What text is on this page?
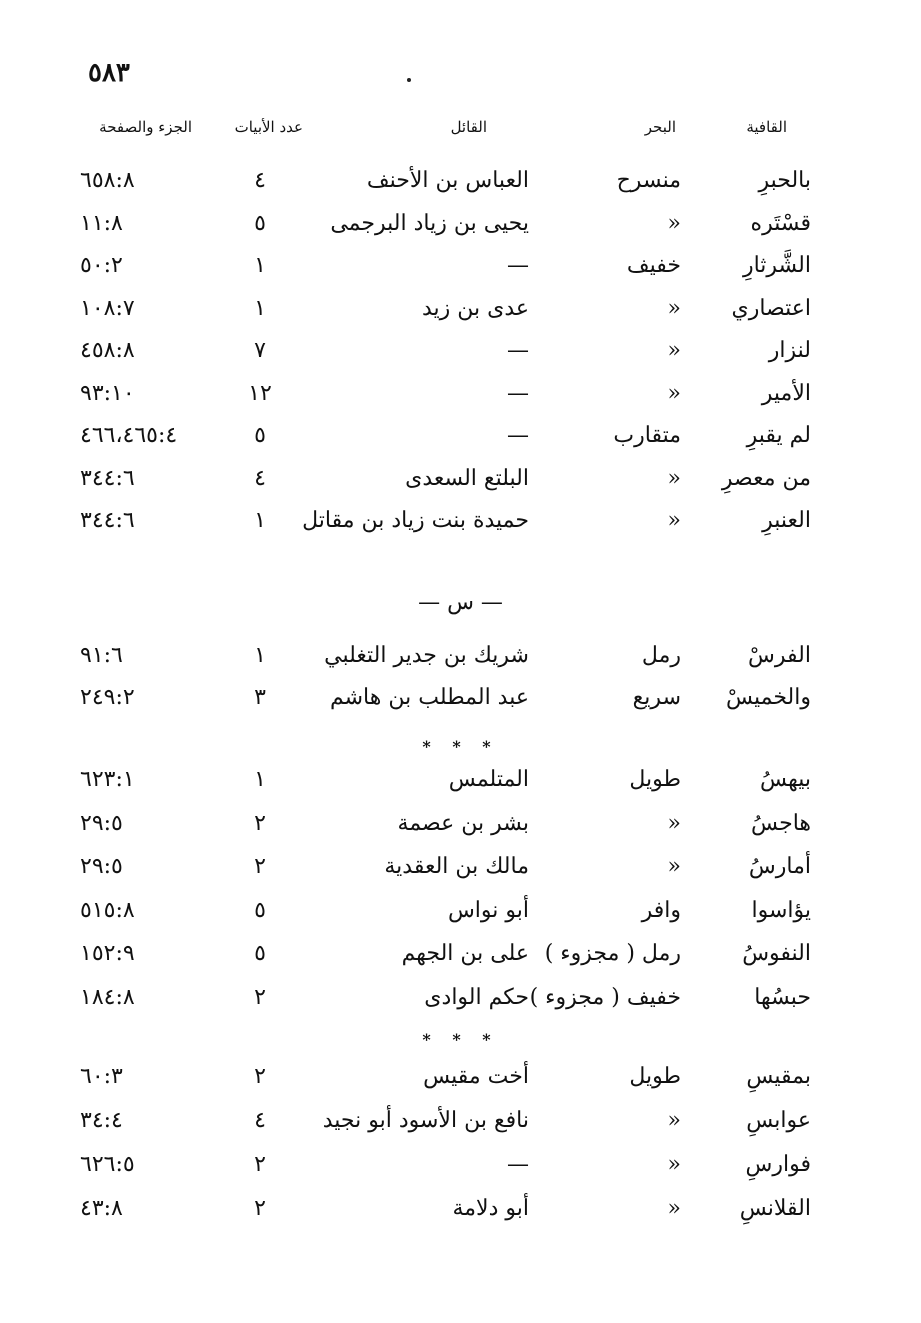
٥٨٣
القافية
البحر
القائل
عدد الأبيات
الجزء والصفحة
بالحبرِ
منسرح
العباس بن الأحنف
٤
٦٥٨:٨
قسْتَره
«
يحيى بن زياد البرجمى
٥
١١:٨
الشَّرثارِ
خفيف
—
١
٥٠:٢
اعتصاري
«
عدى بن زيد
١
١٠٨:٧
لنزار
«
—
٧
٤٥٨:٨
الأمير
«
—
١٢
٩٣:١٠
لم يقبرِ
متقارب
—
٥
٤٦٦،٤٦٥:٤
من معصرِ
«
البلتع السعدى
٤
٣٤٤:٦
العنبرِ
«
حميدة بنت زياد بن مقاتل
١
٣٤٤:٦
الفرسْ
رمل
شريك بن جدير التغلبي
١
٩١:٦
والخميسْ
سريع
عبد المطلب بن هاشم
٣
٢٤٩:٢
بيهسُ
طويل
المتلمس
١
٦٢٣:١
هاجسُ
«
بشر بن عصمة
٢
٢٩:٥
أمارسُ
«
مالك بن العقدية
٢
٢٩:٥
يؤاسوا
وافر
أبو نواس
٥
٥١٥:٨
النفوسُ
رمل ( مجزوء )
على بن الجهم
٥
١٥٢:٩
حبسُها
خفيف ( مجزوء )
حكم الوادى
٢
١٨٤:٨
بمقيسِ
طويل
أخت مقيس
٢
٦٠:٣
عوابسِ
«
نافع بن الأسود أبو نجيد
٤
٣٤:٤
فوارسِ
«
—
٢
٦٢٦:٥
القلانسِ
«
أبو دلامة
٢
٤٣:٨
— س —
* * *
* * *
